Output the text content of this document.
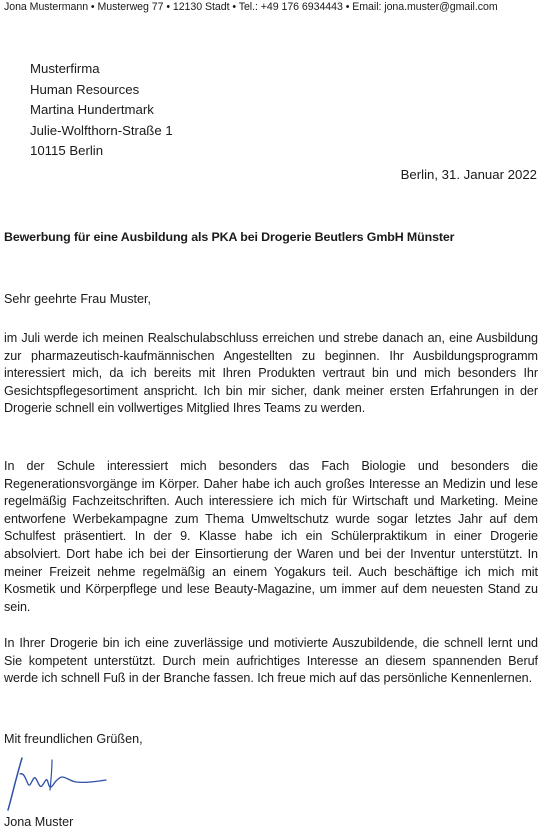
Jona Mustermann • Musterweg 77 • 12130 Stadt • Tel.: +49 176 6934443 • Email: jona.muster@gmail.com
Musterfirma
Human Resources
Martina Hundertmark
Julie-Wolfthorn-Straße 1
10115 Berlin
Berlin, 31. Januar 2022
Bewerbung für eine Ausbildung als PKA bei Drogerie Beutlers GmbH Münster
Sehr geehrte Frau Muster,
im Juli werde ich meinen Realschulabschluss erreichen und strebe danach an, eine Ausbildung zur pharmazeutisch-kaufmännischen Angestellten zu beginnen. Ihr Ausbildungsprogramm interessiert mich, da ich bereits mit Ihren Produkten vertraut bin und mich besonders Ihr Gesichtspflegesortiment anspricht. Ich bin mir sicher, dank meiner ersten Erfahrungen in der Drogerie schnell ein vollwertiges Mitglied Ihres Teams zu werden.
In der Schule interessiert mich besonders das Fach Biologie und besonders die Regenerationsvorgänge im Körper. Daher habe ich auch großes Interesse an Medizin und lese regelmäßig Fachzeitschriften. Auch interessiere ich mich für Wirtschaft und Marketing. Meine entworfene Werbekampagne zum Thema Umweltschutz wurde sogar letztes Jahr auf dem Schulfest präsentiert. In der 9. Klasse habe ich ein Schülerpraktikum in einer Drogerie absolviert. Dort habe ich bei der Einsortierung der Waren und bei der Inventur unterstützt. In meiner Freizeit nehme regelmäßig an einem Yogakurs teil. Auch beschäftige ich mich mit Kosmetik und Körperpflege und lese Beauty-Magazine, um immer auf dem neuesten Stand zu sein.
In Ihrer Drogerie bin ich eine zuverlässige und motivierte Auszubildende, die schnell lernt und Sie kompetent unterstützt. Durch mein aufrichtiges Interesse an diesem spannenden Beruf werde ich schnell Fuß in der Branche fassen. Ich freue mich auf das persönliche Kennenlernen.
Mit freundlichen Grüßen,
Jona Muster
